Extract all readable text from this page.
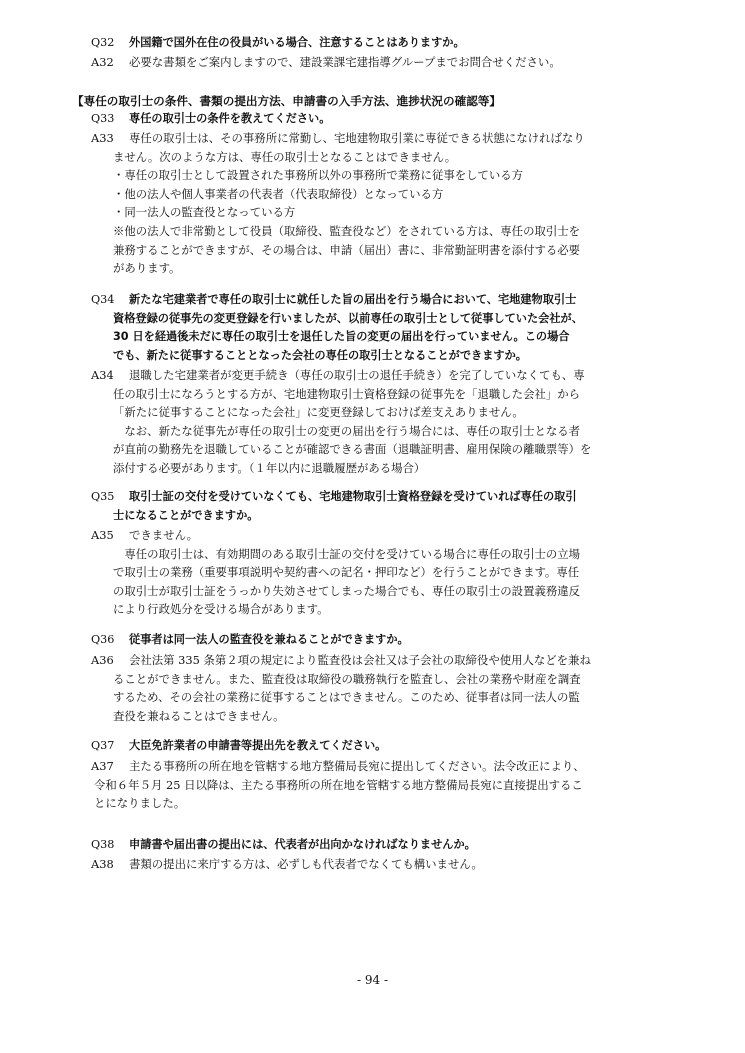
Q32 外国籍で国外在住の役員がいる場合、注意することはありますか。
A32 必要な書類をご案内しますので、建設業課宅建指導グループまでお問合せください。
【専任の取引士の条件、書類の提出方法、申請書の入手方法、進捗状況の確認等】
Q33 専任の取引士の条件を教えてください。
A33 専任の取引士は、その事務所に常勤し、宅地建物取引業に専従できる状態になければなり
ません。次のような方は、専任の取引士となることはできません。
・専任の取引士として設置された事務所以外の事務所で業務に従事をしている方
・他の法人や個人事業者の代表者（代表取締役）となっている方
・同一法人の監査役となっている方
※他の法人で非常勤として役員（取締役、監査役など）をされている方は、専任の取引士を
兼務することができますが、その場合は、申請（届出）書に、非常勤証明書を添付する必要
があります。
Q34 新たな宅建業者で専任の取引士に就任した旨の届出を行う場合において、宅地建物取引士
資格登録の従事先の変更登録を行いましたが、以前専任の取引士として従事していた会社が、
30 日を経過後未だに専任の取引士を退任した旨の変更の届出を行っていません。この場合
でも、新たに従事することとなった会社の専任の取引士となることができますか。
A34 退職した宅建業者が変更手続き（専任の取引士の退任手続き）を完了していなくても、専
任の取引士になろうとする方が、宅地建物取引士資格登録の従事先を「退職した会社」から
「新たに従事することになった会社」に変更登録しておけば差支えありません。
　なお、新たな従事先が専任の取引士の変更の届出を行う場合には、専任の取引士となる者
が直前の勤務先を退職していることが確認できる書面（退職証明書、雇用保険の離職票等）を
添付する必要があります。（１年以内に退職履歴がある場合）
Q35 取引士証の交付を受けていなくても、宅地建物取引士資格登録を受けていれば専任の取引
士になることができますか。
A35 できません。
　専任の取引士は、有効期間のある取引士証の交付を受けている場合に専任の取引士の立場
で取引士の業務（重要事項説明や契約書への記名・押印など）を行うことができます。専任
の取引士が取引士証をうっかり失効させてしまった場合でも、専任の取引士の設置義務違反
により行政処分を受ける場合があります。
Q36 従事者は同一法人の監査役を兼ねることができますか。
A36 会社法第 335 条第２項の規定により監査役は会社又は子会社の取締役や使用人などを兼ね
ることができません。また、監査役は取締役の職務執行を監査し、会社の業務や財産を調査
するため、その会社の業務に従事することはできません。このため、従事者は同一法人の監
査役を兼ねることはできません。
Q37 大臣免許業者の申請書等提出先を教えてください。
A37 主たる事務所の所在地を管轄する地方整備局長宛に提出してください。法令改正により、
令和６年５月 25 日以降は、主たる事務所の所在地を管轄する地方整備局長宛に直接提出するこ
とになりました。
Q38 申請書や届出書の提出には、代表者が出向かなければなりませんか。
A38 書類の提出に来庁する方は、必ずしも代表者でなくても構いません。
- 94 -
